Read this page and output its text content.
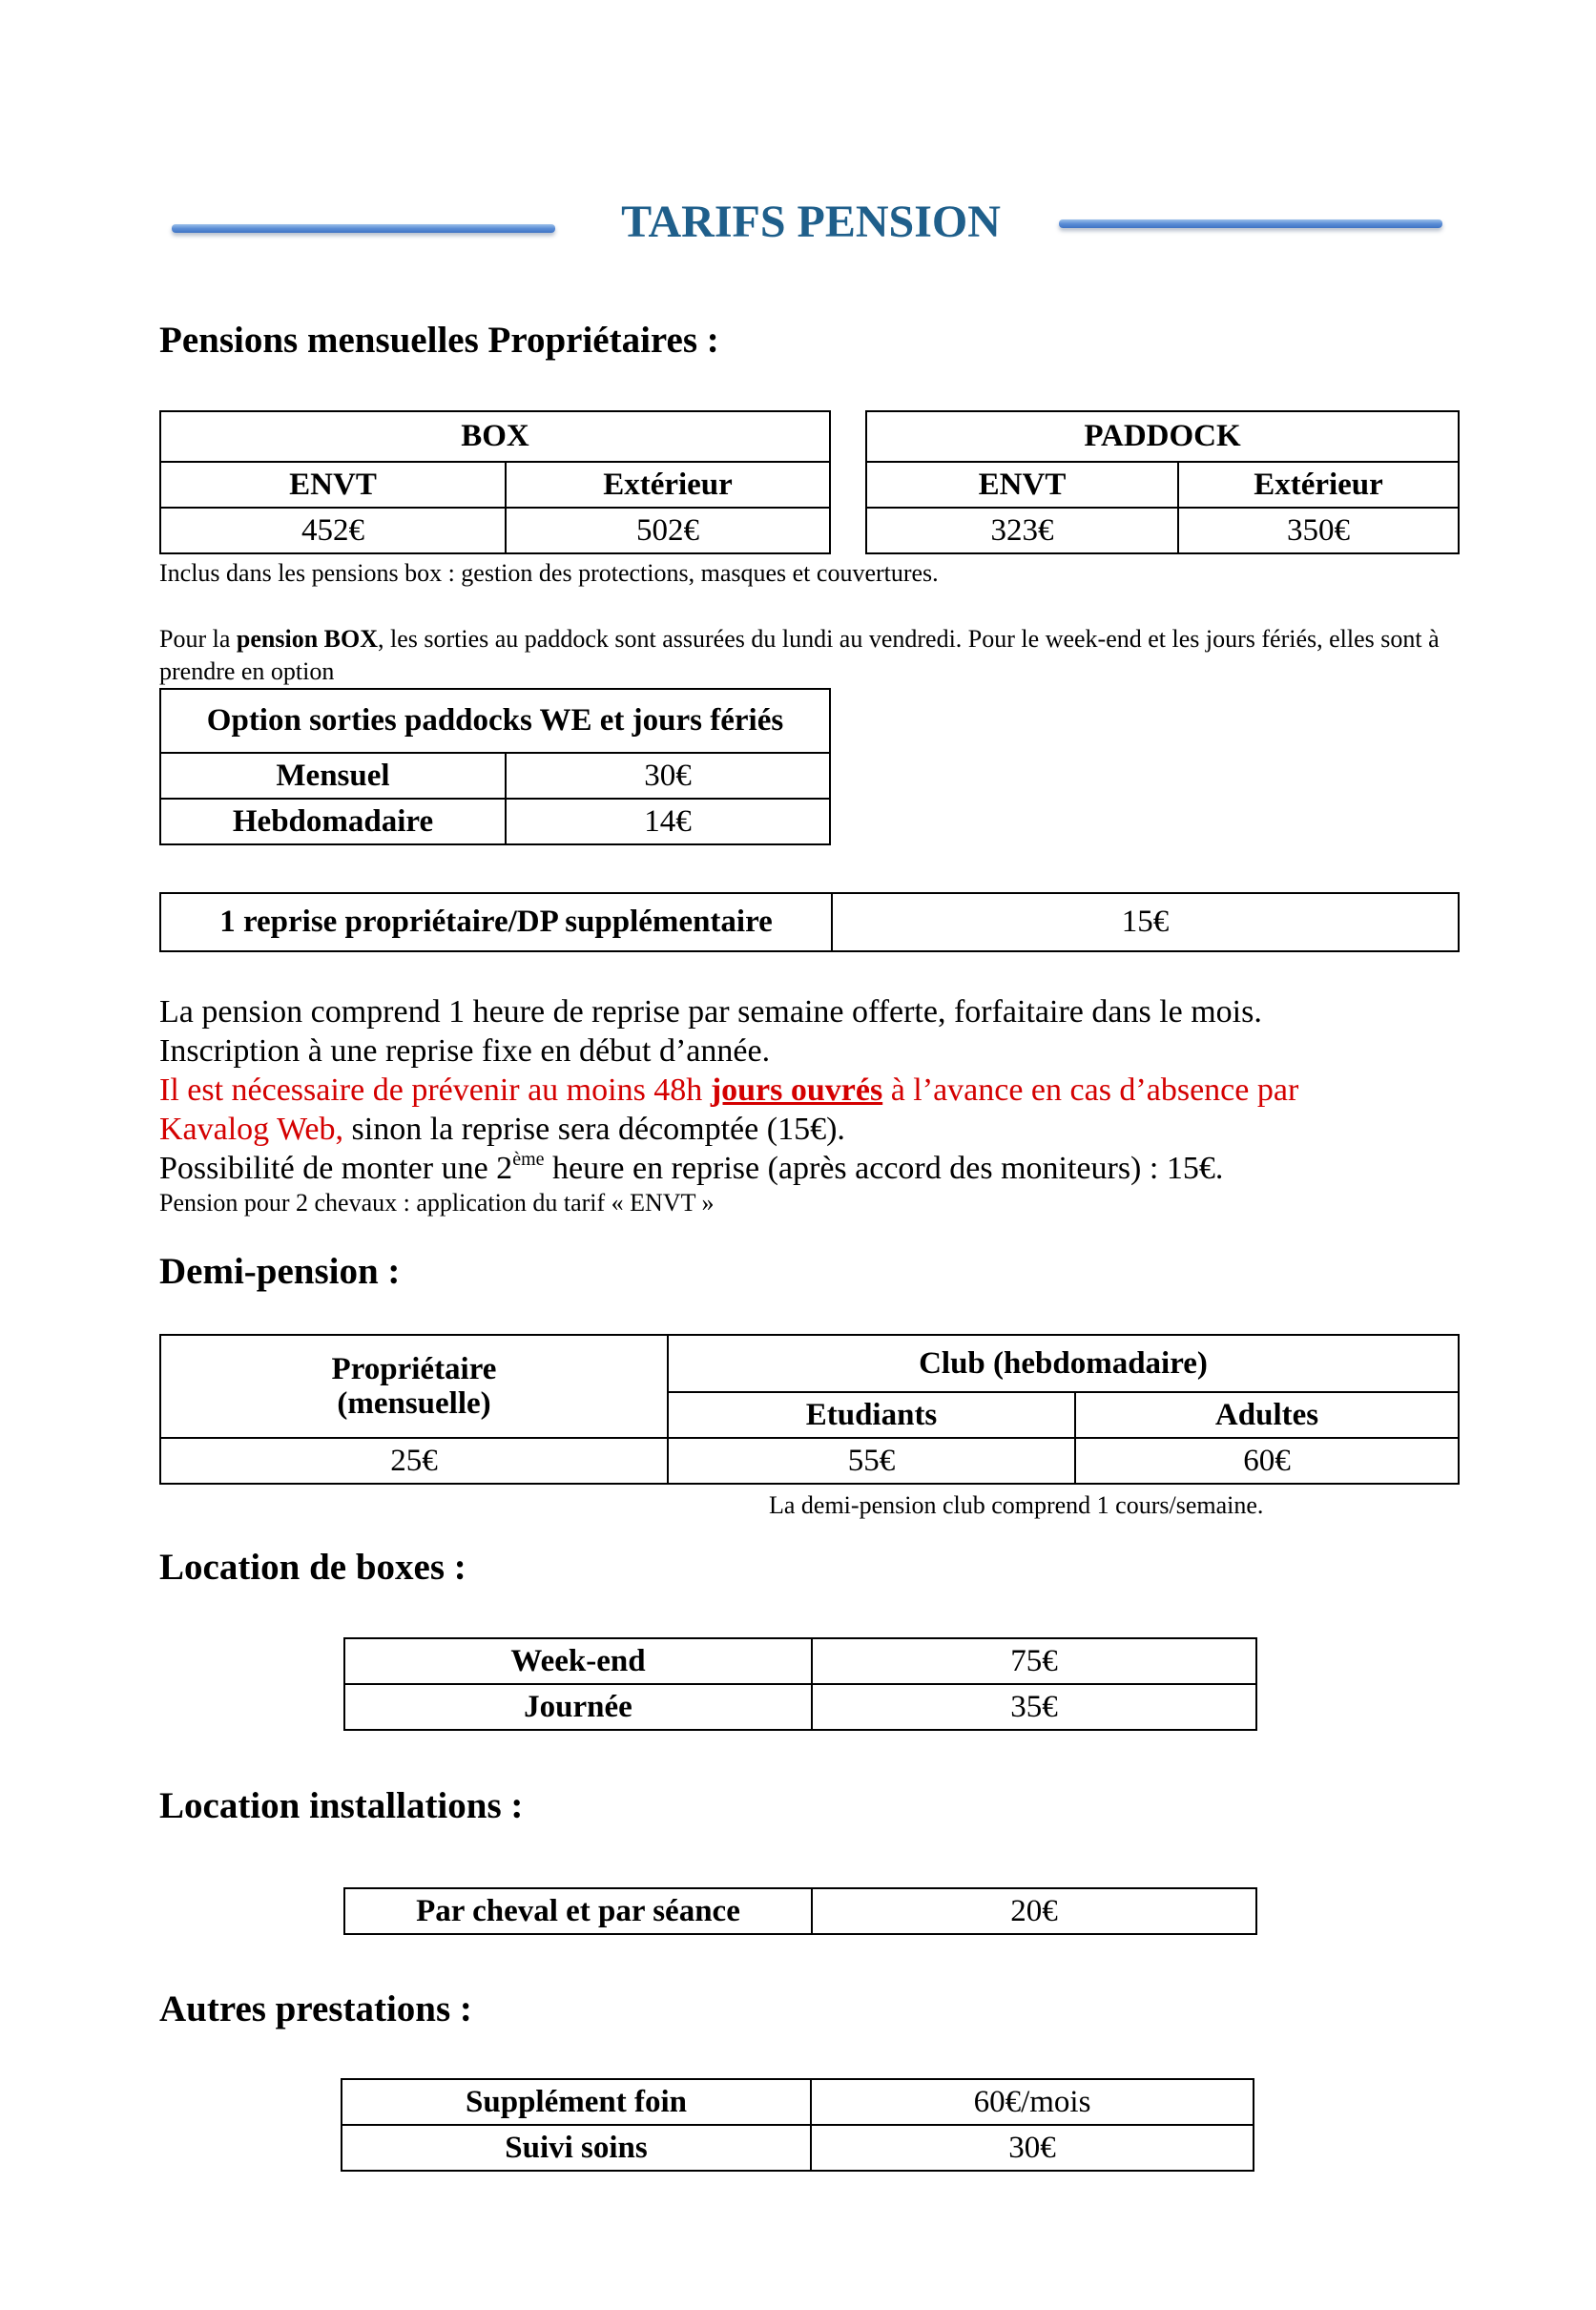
TARIFS PENSION
Pensions mensuelles Propriétaires :
BOX	
ENVT	Extérieur
452€	502€
PADDOCK	
ENVT	Extérieur
323€	350€
Inclus dans les pensions box : gestion des protections, masques et couvertures.
Pour la pension BOX, les sorties au paddock sont assurées du lundi au vendredi. Pour le week-end et les jours fériés, elles sont à prendre en option
Option sorties paddocks WE et jours fériés	
Mensuel	30€
Hebdomadaire	14€
1 reprise propriétaire/DP supplémentaire	15€
La pension comprend 1 heure de reprise par semaine offerte, forfaitaire dans le mois.
Inscription à une reprise fixe en début d’année.
Il est nécessaire de prévenir au moins 48h jours ouvrés à l’avance en cas d’absence par
Kavalog Web, sinon la reprise sera décomptée (15€).
Possibilité de monter une 2ème heure en reprise (après accord des moniteurs) : 15€.
Pension pour 2 chevaux : application du tarif « ENVT »
Demi-pension :
Propriétaire
(mensuelle)	Club (hebdomadaire)	
	Etudiants	Adultes
25€	55€	60€
La demi-pension club comprend 1 cours/semaine.
Location de boxes :
Week-end	75€
Journée	35€
Location installations :
Par cheval et par séance	20€
Autres prestations :
Supplément foin	60€/mois
Suivi soins	30€
